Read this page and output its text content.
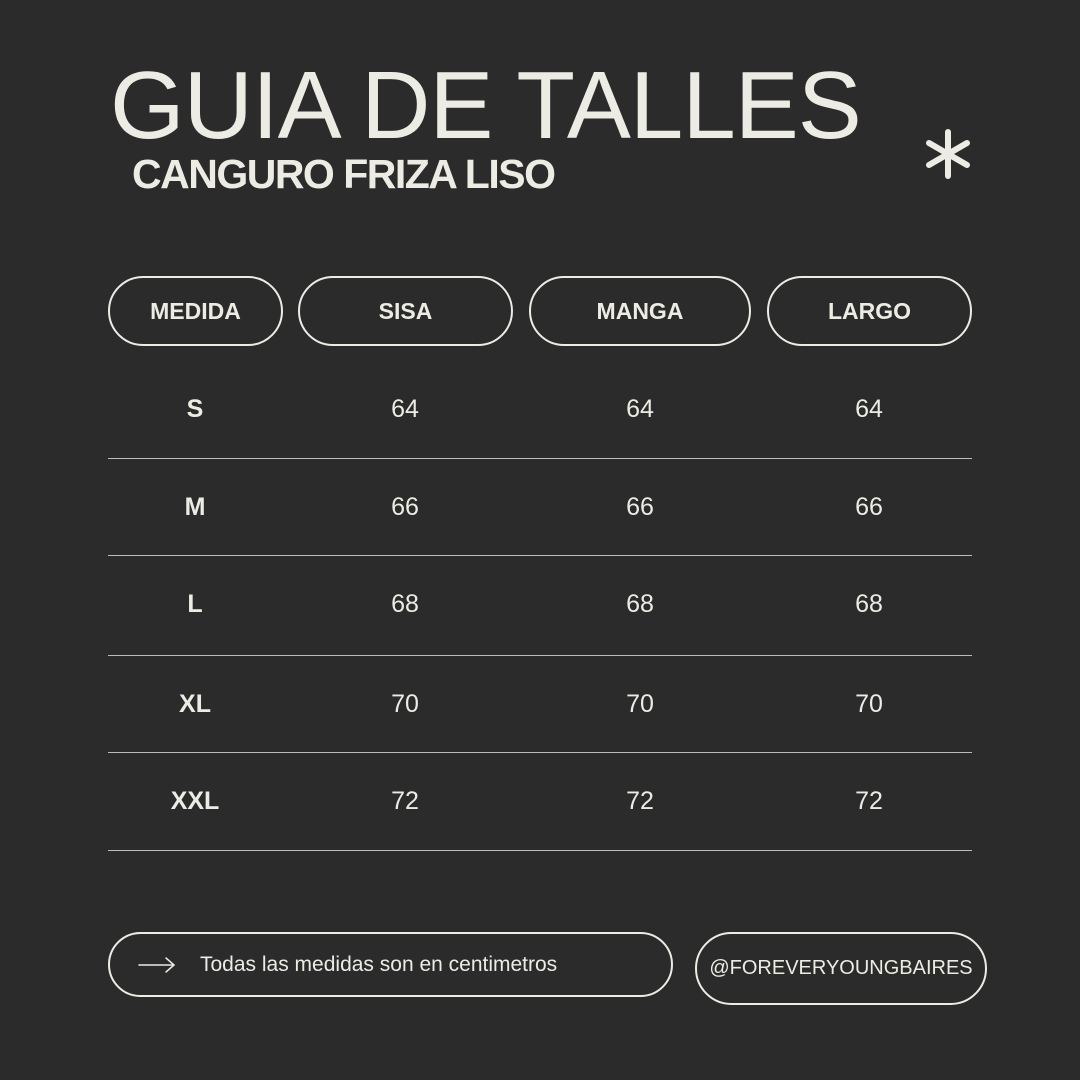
GUIA DE TALLES
CANGURO FRIZA LISO
MEDIDA	SISA	MANGA	LARGO
S	64	64	64
M	66	66	66
L	68	68	68
XL	70	70	70
XXL	72	72	72
Todas las medidas son en centimetros	@FOREVERYOUNGBAIRES
